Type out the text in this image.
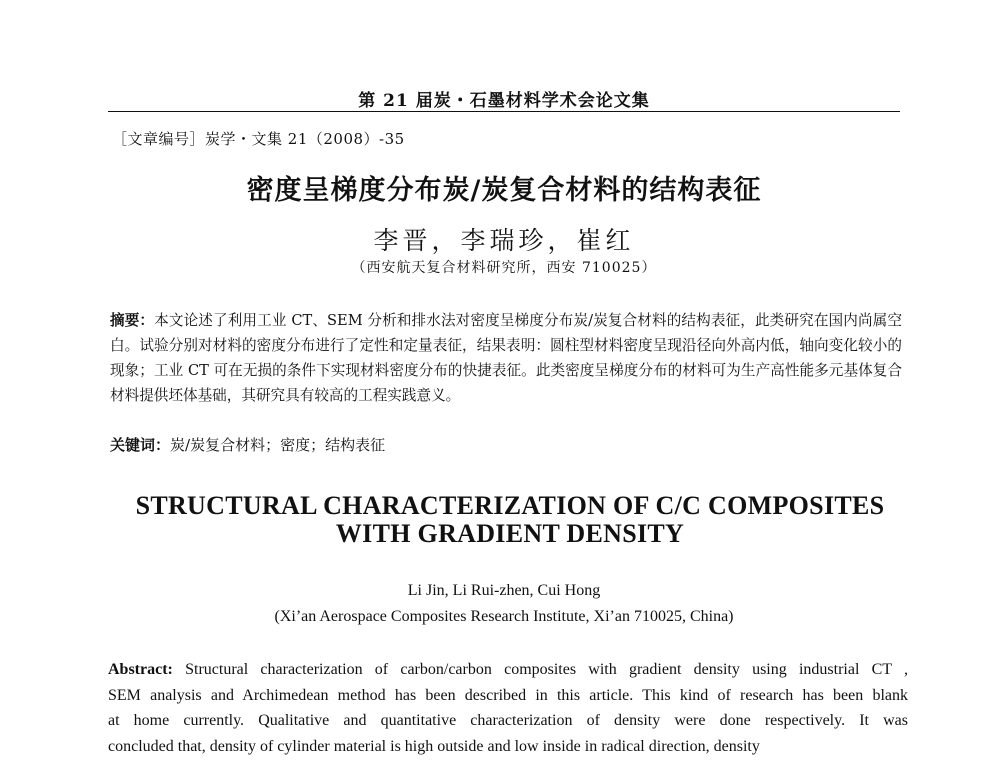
第 21 届炭・石墨材料学术会论文集
［文章编号］炭学・文集 21（2008）-35
密度呈梯度分布炭/炭复合材料的结构表征
李晋，李瑞珍，崔红
（西安航天复合材料研究所，西安 710025）
摘要：本文论述了利用工业 CT、SEM 分析和排水法对密度呈梯度分布炭/炭复合材料的结构表征，此类研究在国内尚属空白。试验分别对材料的密度分布进行了定性和定量表征，结果表明：圆柱型材料密度呈现沿径向外高内低，轴向变化较小的现象；工业 CT 可在无损的条件下实现材料密度分布的快捷表征。此类密度呈梯度分布的材料可为生产高性能多元基体复合材料提供坯体基础，其研究具有较高的工程实践意义。
关键词：炭/炭复合材料；密度；结构表征
STRUCTURAL CHARACTERIZATION OF C/C COMPOSITES
WITH GRADIENT DENSITY
Li Jin, Li Rui-zhen, Cui Hong
(Xi’an Aerospace Composites Research Institute, Xi’an 710025, China)
Abstract: Structural characterization of carbon/carbon composites with gradient density using industrial CT ,
SEM analysis and Archimedean method has been described in this article. This kind of research has been blank
at home currently. Qualitative and quantitative characterization of density were done respectively. It was
concluded that, density of cylinder material is high outside and low inside in radical direction, density
